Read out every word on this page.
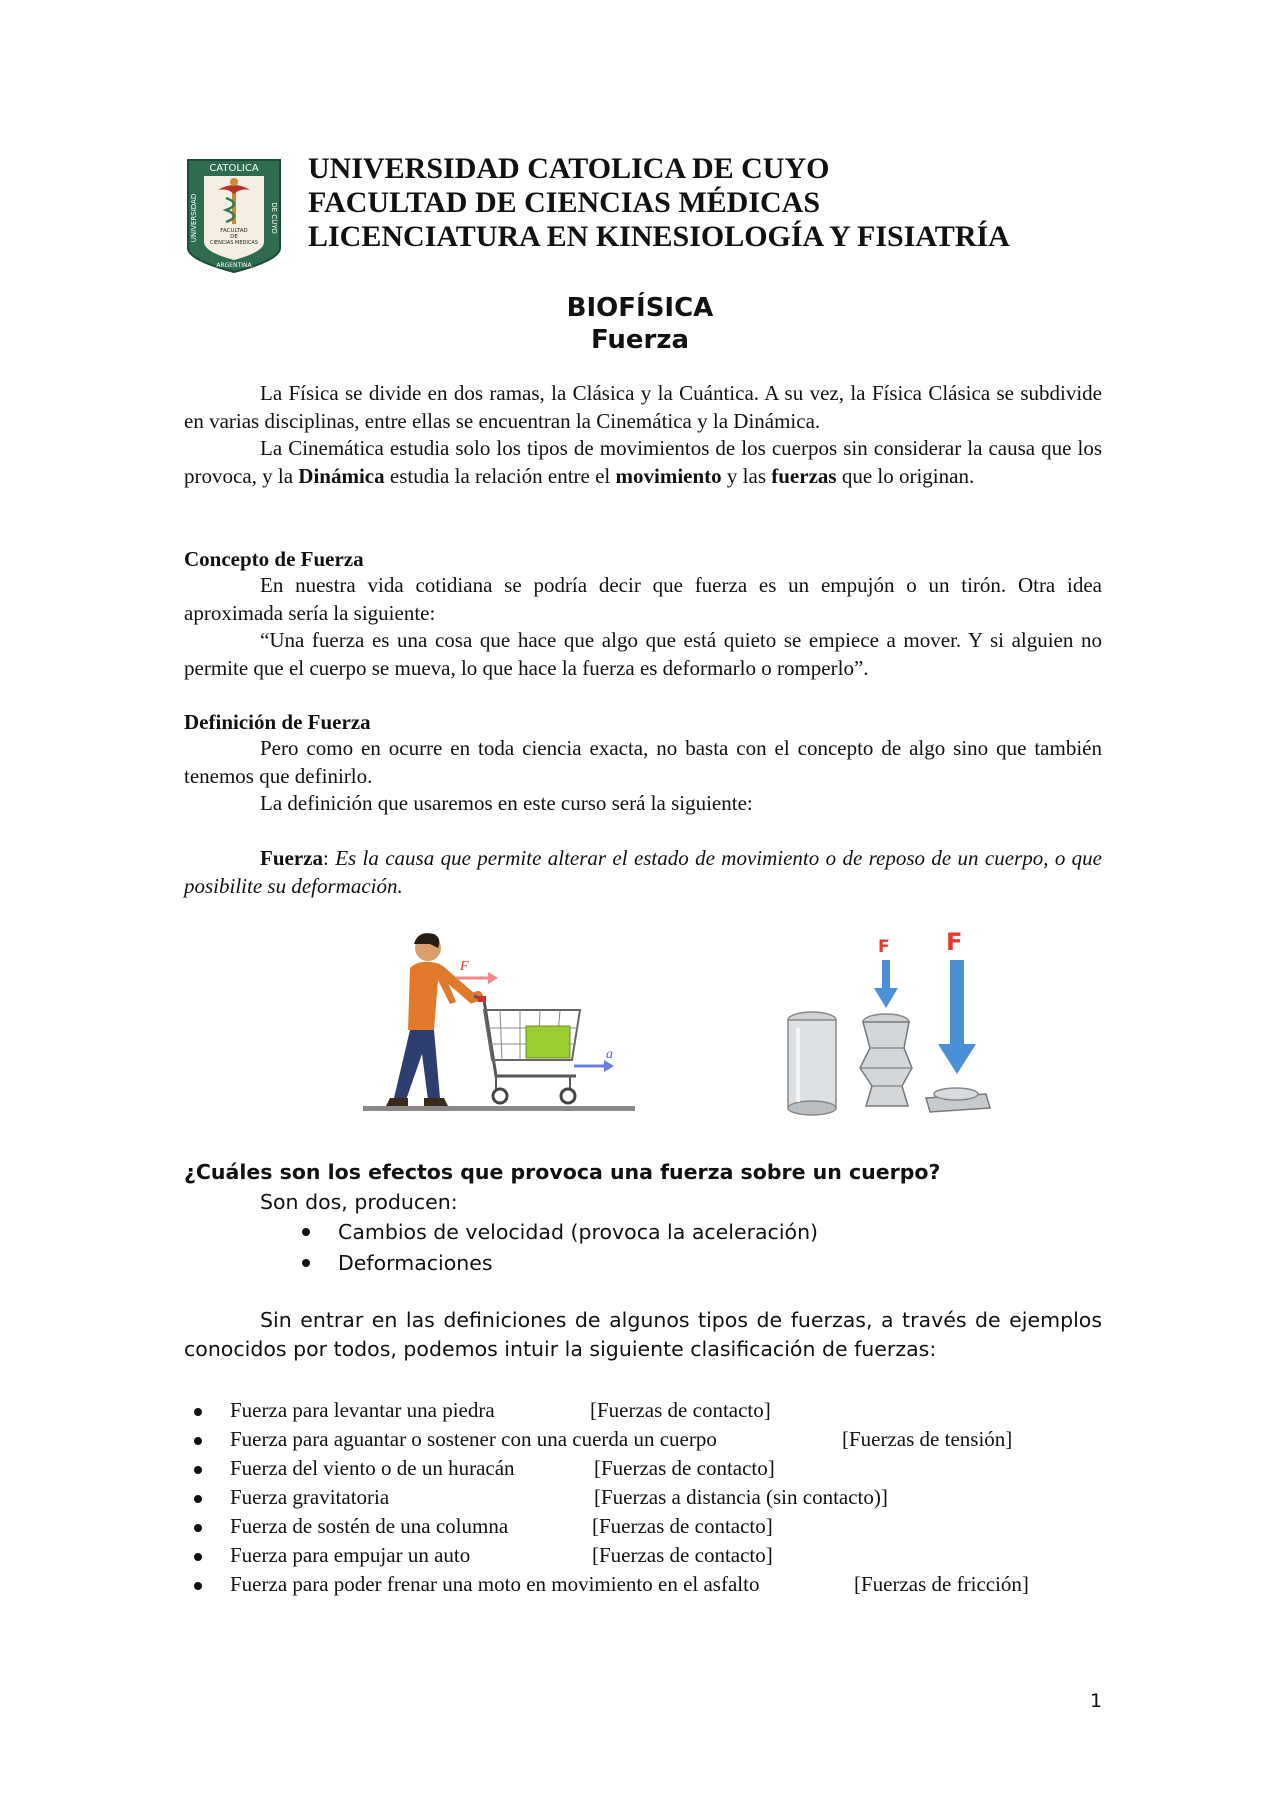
CATOLICA
UNIVERSIDAD	DE CUYO
FACULTAD
DE
CIENCIAS MEDICAS
ARGENTINA
UNIVERSIDAD CATOLICA DE CUYO
FACULTAD DE CIENCIAS MÉDICAS
LICENCIATURA EN KINESIOLOGÍA Y FISIATRÍA
BIOFÍSICA
Fuerza
La Física se divide en dos ramas, la Clásica y la Cuántica. A su vez, la Física Clásica se subdivide en varias disciplinas, entre ellas se encuentran la Cinemática y la Dinámica.
La Cinemática estudia solo los tipos de movimientos de los cuerpos sin considerar la causa que los provoca, y la Dinámica estudia la relación entre el movimiento y las fuerzas que lo originan.
Concepto de Fuerza
En nuestra vida cotidiana se podría decir que fuerza es un empujón o un tirón. Otra idea aproximada sería la siguiente:
“Una fuerza es una cosa que hace que algo que está quieto se empiece a mover. Y si alguien no permite que el cuerpo se mueva, lo que hace la fuerza es deformarlo o romperlo”.
Definición de Fuerza
Pero como en ocurre en toda ciencia exacta, no basta con el concepto de algo sino que también tenemos que definirlo.
La definición que usaremos en este curso será la siguiente:
Fuerza: Es la causa que permite alterar el estado de movimiento o de reposo de un cuerpo, o que posibilite su deformación.
F
a
F F
¿Cuáles son los efectos que provoca una fuerza sobre un cuerpo?
Son dos, producen:
Cambios de velocidad (provoca la aceleración)
Deformaciones
Sin entrar en las definiciones de algunos tipos de fuerzas, a través de ejemplos conocidos por todos, podemos intuir la siguiente clasificación de fuerzas:
Fuerza para levantar una piedra	[Fuerzas de contacto]
Fuerza para aguantar o sostener con una cuerda un cuerpo	[Fuerzas de tensión]
Fuerza del viento o de un huracán	[Fuerzas de contacto]
Fuerza gravitatoria	[Fuerzas a distancia (sin contacto)]
Fuerza de sostén de una columna	[Fuerzas de contacto]
Fuerza para empujar un auto	[Fuerzas de contacto]
Fuerza para poder frenar una moto en movimiento en el asfalto	[Fuerzas de fricción]
1
